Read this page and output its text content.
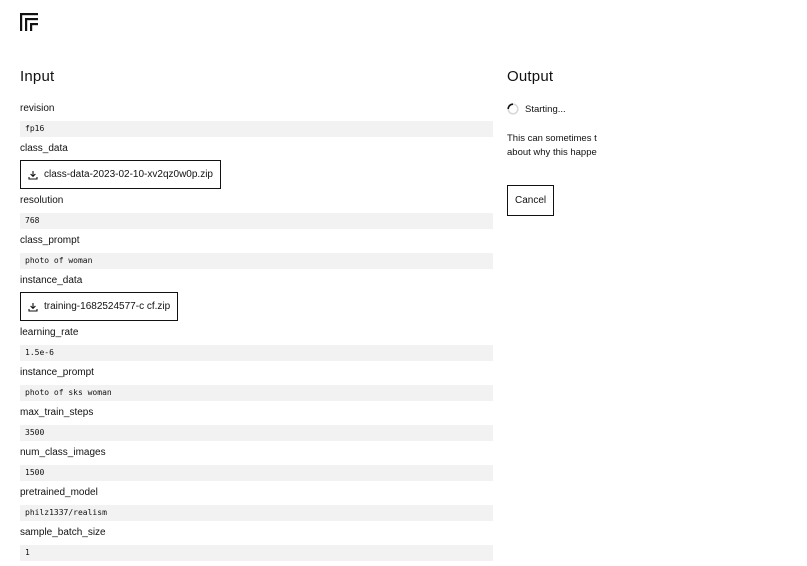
Input
revision
fp16
class_data
class-data-2023-02-10-xv2qz0w0p.zip
resolution
768
class_prompt
photo of woman
instance_data
training-1682524577-c cf.zip
learning_rate
1.5e-6
instance_prompt
photo of sks woman
max_train_steps
3500
num_class_images
1500
pretrained_model
philz1337/realism
sample_batch_size
1
Output
Starting...
This can sometimes t
about why this happe
Cancel
